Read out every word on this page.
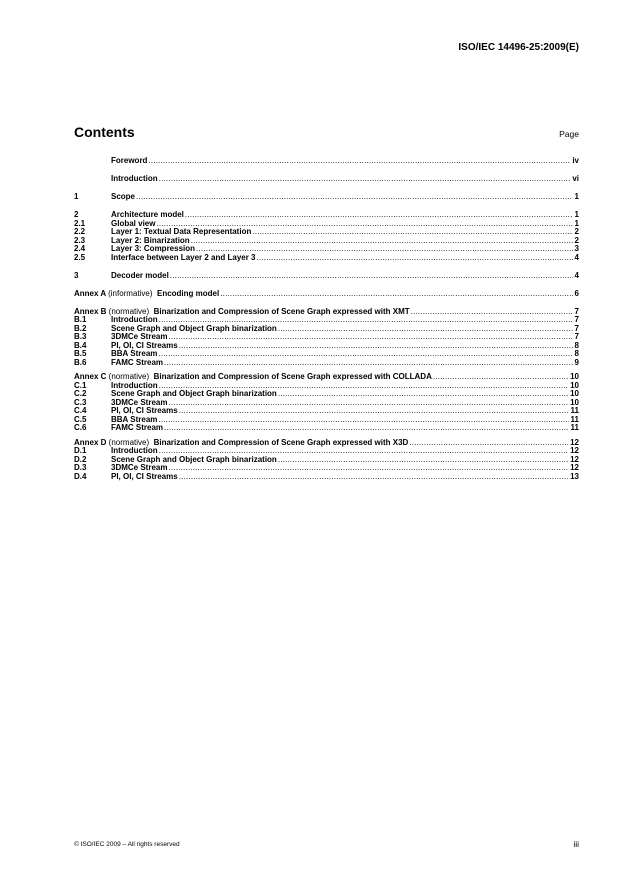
ISO/IEC 14496-25:2009(E)
Contents	Page
Foreword .....	iv
Introduction .....	vi
1	Scope .....	1
2	Architecture model .....	1
2.1	Global view .....	1
2.2	Layer 1: Textual Data Representation .....	2
2.3	Layer 2: Binarization .....	2
2.4	Layer 3: Compression .....	3
2.5	Interface between Layer 2 and Layer 3 .....	4
3	Decoder model .....	4
Annex A (informative)  Encoding model .....	6
Annex B (normative)  Binarization and Compression of Scene Graph expressed with XMT .....	7
B.1	Introduction .....	7
B.2	Scene Graph and Object Graph binarization .....	7
B.3	3DMCe Stream .....	7
B.4	PI, OI, CI Streams .....	8
B.5	BBA Stream .....	8
B.6	FAMC Stream .....	9
Annex C (normative)  Binarization and Compression of Scene Graph expressed with COLLADA .....	10
C.1	Introduction .....	10
C.2	Scene Graph and Object Graph binarization .....	10
C.3	3DMCe Stream .....	10
C.4	PI, OI, CI Streams .....	11
C.5	BBA Stream .....	11
C.6	FAMC Stream .....	11
Annex D (normative)  Binarization and Compression of Scene Graph expressed with X3D .....	12
D.1	Introduction .....	12
D.2	Scene Graph and Object Graph binarization .....	12
D.3	3DMCe Stream .....	12
D.4	PI, OI, CI Streams .....	13
© ISO/IEC 2009 – All rights reserved	iii
